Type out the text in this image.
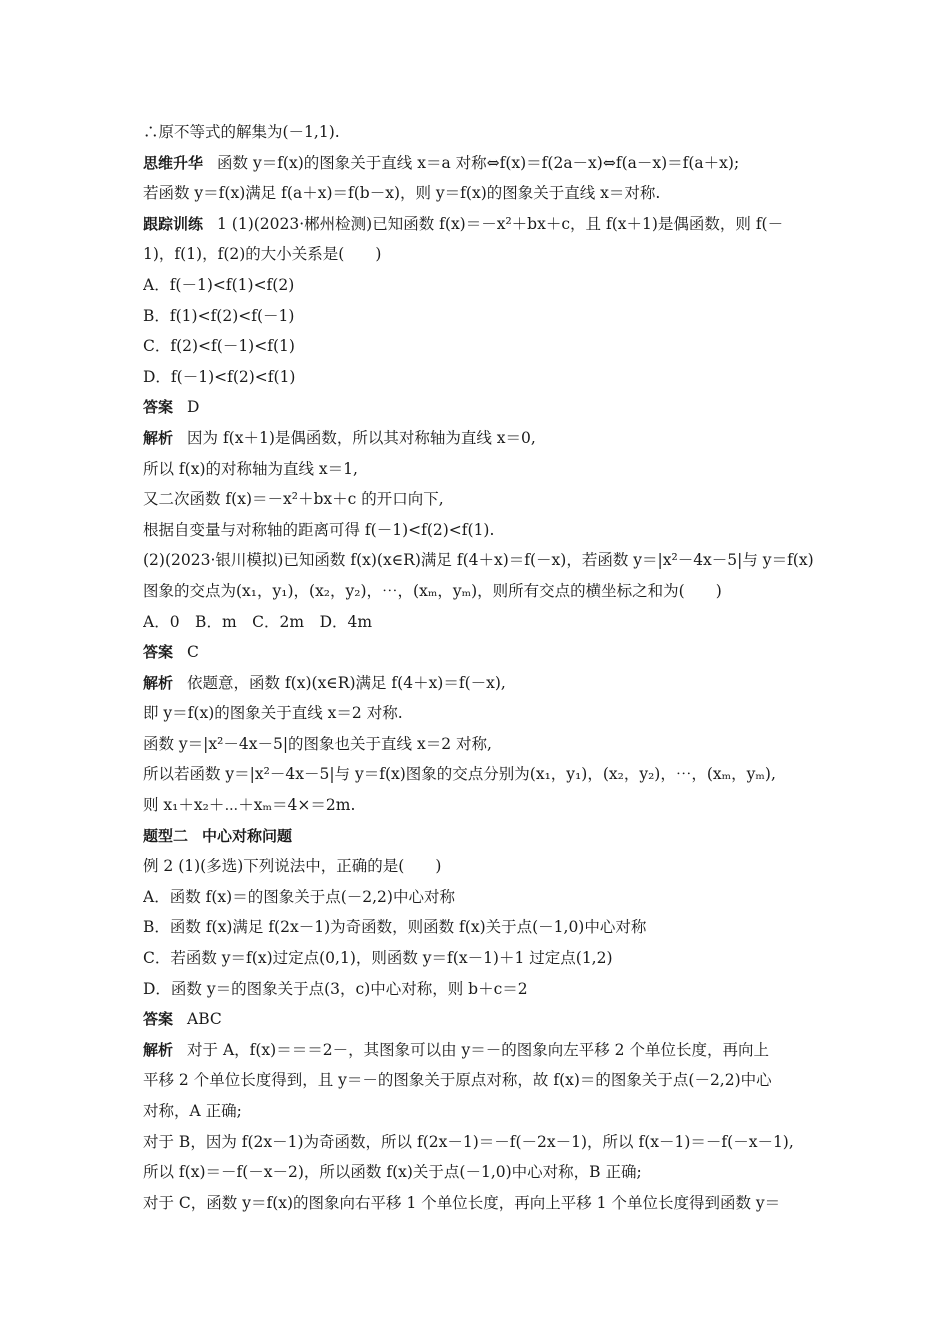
∴原不等式的解集为(－1,1).
思维升华 函数 y＝f(x)的图象关于直线 x＝a 对称⇔f(x)＝f(2a－x)⇔f(a－x)＝f(a＋x);
若函数 y＝f(x)满足 f(a＋x)＝f(b－x)，则 y＝f(x)的图象关于直线 x＝对称.
跟踪训练 1 (1)(2023·郴州检测)已知函数 f(x)＝－x²＋bx＋c，且 f(x＋1)是偶函数，则 f(－
1)，f(1)，f(2)的大小关系是(　　)
A．f(－1)<f(1)<f(2)
B．f(1)<f(2)<f(－1)
C．f(2)<f(－1)<f(1)
D．f(－1)<f(2)<f(1)
答案 D
解析 因为 f(x＋1)是偶函数，所以其对称轴为直线 x＝0,
所以 f(x)的对称轴为直线 x＝1,
又二次函数 f(x)＝－x²＋bx＋c 的开口向下,
根据自变量与对称轴的距离可得 f(－1)<f(2)<f(1).
(2)(2023·银川模拟)已知函数 f(x)(x∈R)满足 f(4＋x)＝f(－x)，若函数 y＝|x²－4x－5|与 y＝f(x)
图象的交点为(x₁，y₁)，(x₂，y₂)，⋯，(xₘ，yₘ)，则所有交点的横坐标之和为(　　)
A．0　B．m　C．2m　D．4m
答案 C
解析 依题意，函数 f(x)(x∈R)满足 f(4＋x)＝f(－x),
即 y＝f(x)的图象关于直线 x＝2 对称.
函数 y＝|x²－4x－5|的图象也关于直线 x＝2 对称,
所以若函数 y＝|x²－4x－5|与 y＝f(x)图象的交点分别为(x₁，y₁)，(x₂，y₂)，⋯，(xₘ，yₘ),
则 x₁＋x₂＋⋯＋xₘ＝4×＝2m.
题型二 中心对称问题
例 2 (1)(多选)下列说法中，正确的是(　　)
A．函数 f(x)＝的图象关于点(－2,2)中心对称
B．函数 f(x)满足 f(2x－1)为奇函数，则函数 f(x)关于点(－1,0)中心对称
C．若函数 y＝f(x)过定点(0,1)，则函数 y＝f(x－1)＋1 过定点(1,2)
D．函数 y＝的图象关于点(3，c)中心对称，则 b＋c＝2
答案 ABC
解析 对于 A，f(x)＝＝＝2－，其图象可以由 y＝－的图象向左平移 2 个单位长度，再向上
平移 2 个单位长度得到，且 y＝－的图象关于原点对称，故 f(x)＝的图象关于点(－2,2)中心
对称，A 正确;
对于 B，因为 f(2x－1)为奇函数，所以 f(2x－1)＝－f(－2x－1)，所以 f(x－1)＝－f(－x－1),
所以 f(x)＝－f(－x－2)，所以函数 f(x)关于点(－1,0)中心对称，B 正确;
对于 C，函数 y＝f(x)的图象向右平移 1 个单位长度，再向上平移 1 个单位长度得到函数 y＝
